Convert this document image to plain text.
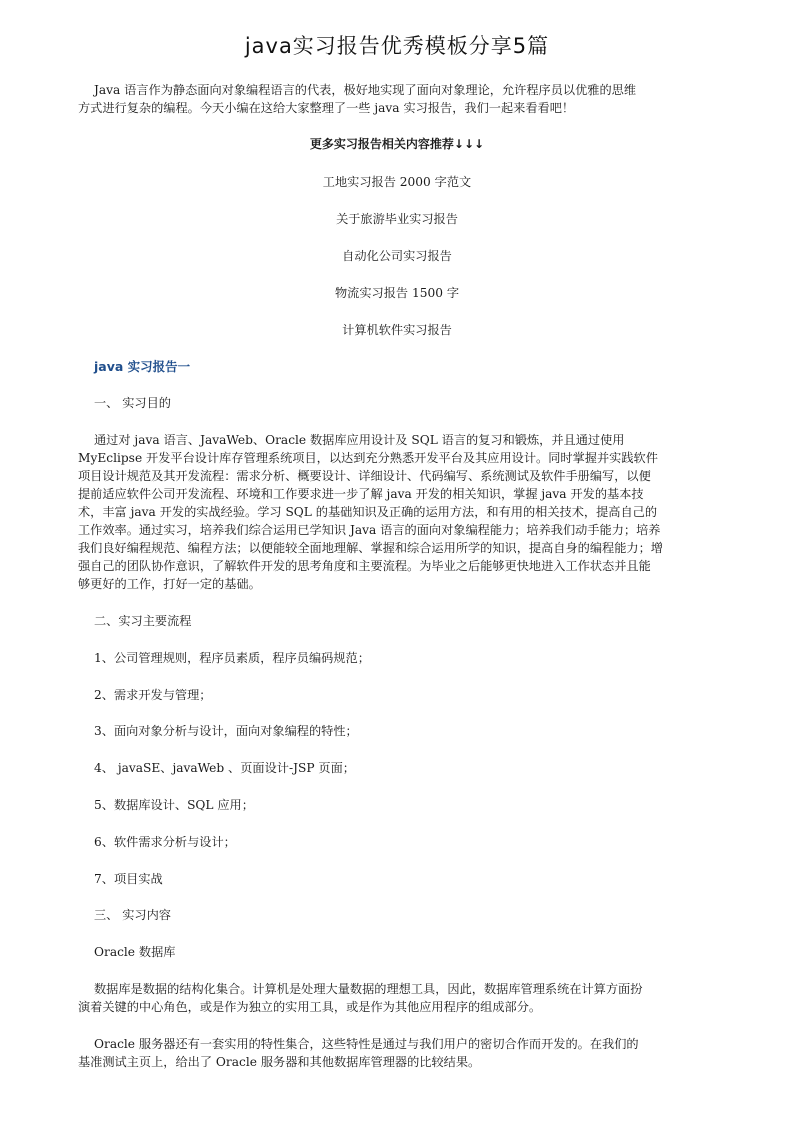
java实习报告优秀模板分享5篇
Java 语言作为静态面向对象编程语言的代表，极好地实现了面向对象理论，允许程序员以优雅的思维
方式进行复杂的编程。今天小编在这给大家整理了一些 java 实习报告，我们一起来看看吧！
更多实习报告相关内容推荐↓↓↓
工地实习报告 2000 字范文
关于旅游毕业实习报告
自动化公司实习报告
物流实习报告 1500 字
计算机软件实习报告
java 实习报告一
一、 实习目的
通过对 java 语言、JavaWeb、Oracle 数据库应用设计及 SQL 语言的复习和锻炼，并且通过使用
MyEclipse 开发平台设计库存管理系统项目，以达到充分熟悉开发平台及其应用设计。同时掌握并实践软件
项目设计规范及其开发流程：需求分析、概要设计、详细设计、代码编写、系统测试及软件手册编写，以便
提前适应软件公司开发流程、环境和工作要求进一步了解 java 开发的相关知识，掌握 java 开发的基本技
术，丰富 java 开发的实战经验。学习 SQL 的基础知识及正确的运用方法，和有用的相关技术，提高自己的
工作效率。通过实习，培养我们综合运用已学知识 Java 语言的面向对象编程能力；培养我们动手能力；培养
我们良好编程规范、编程方法；以便能较全面地理解、掌握和综合运用所学的知识，提高自身的编程能力；增
强自己的团队协作意识，了解软件开发的思考角度和主要流程。为毕业之后能够更快地进入工作状态并且能
够更好的工作，打好一定的基础。
二、实习主要流程
1、公司管理规则，程序员素质，程序员编码规范；
2、需求开发与管理；
3、面向对象分析与设计，面向对象编程的特性；
4、 javaSE、javaWeb 、页面设计-JSP 页面；
5、数据库设计、SQL 应用；
6、软件需求分析与设计；
7、项目实战
三、 实习内容
Oracle 数据库
数据库是数据的结构化集合。计算机是处理大量数据的理想工具，因此，数据库管理系统在计算方面扮
演着关键的中心角色，或是作为独立的实用工具，或是作为其他应用程序的组成部分。
Oracle 服务器还有一套实用的特性集合，这些特性是通过与我们用户的密切合作而开发的。在我们的
基准测试主页上，给出了 Oracle 服务器和其他数据库管理器的比较结果。
